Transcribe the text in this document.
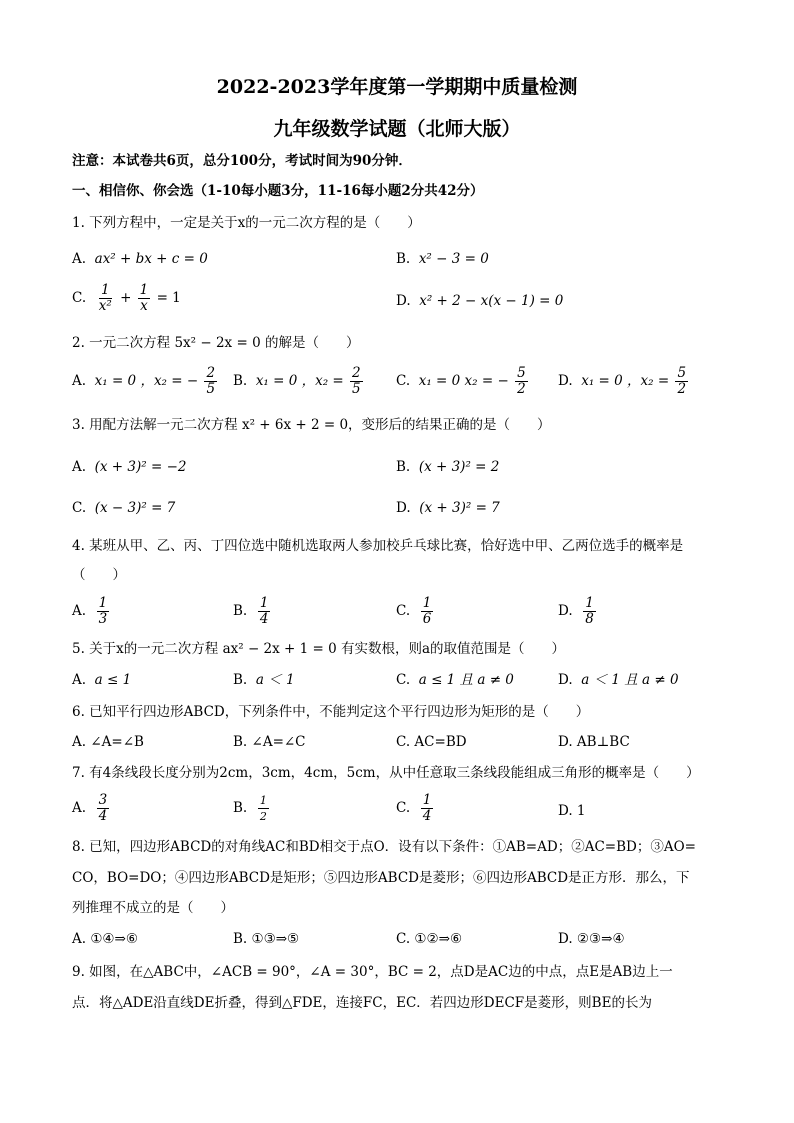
2022-2023学年度第一学期期中质量检测
九年级数学试题（北师大版）
注意：本试卷共6页，总分100分，考试时间为90分钟．
一、相信你、你会选（1-10每小题3分，11-16每小题2分共42分）
1. 下列方程中，一定是关于x的一元二次方程的是（　　）
A. ax² + bx + c = 0	B. x² − 3 = 0
C. $\frac{1}{\text{x²}} + \frac{1}{x} = 1$	D. x² + 2 − x(x − 1) = 0
2. 一元二次方程 5x² − 2x = 0 的解是（　　）
A. x₁ = 0 ，x₂ = − $\frac{2}{5} B$. x₁ = 0 ，$x_2 = \frac{2}{5} C$. x₁ = 0 x₂ = − $\frac{5}{2} D$. x₁ = 0 ，$x_2 = \frac{5}{2}$
3. 用配方法解一元二次方程 x² + 6x + 2 = 0，变形后的结果正确的是（　　）
A. (x + 3)² = −2	B. (x + 3)² = 2
C. (x − 3)² = 7	D. (x + 3)² = 7
4. 某班从甲、乙、丙、丁四位选中随机选取两人参加校乒乓球比赛，恰好选中甲、乙两位选手的概率是
（　　）
A. $\frac{1}{3}$	B. $\frac{1}{4}$	C. $\frac{1}{6}$	D. $\frac{1}{8}$
5. 关于x的一元二次方程 ax² − 2x + 1 = 0 有实数根，则a的取值范围是（　　）
A. a ≤ 1	B. a ＜ 1	C. a ≤ 1 且 a ≠ 0	D. a ＜ 1 且 a ≠ 0
6. 已知平行四边形ABCD，下列条件中，不能判定这个平行四边形为矩形的是（　　）
A. ∠A=∠B	B. ∠A=∠C	C. AC=BD	D. AB⊥BC
7. 有4条线段长度分别为2cm，3cm，4cm，5cm，从中任意取三条线段能组成三角形的概率是（　　）
A. $\frac{3}{4}$	B. $\frac{1}{2}$	C. $\frac{1}{4}$	D. 1
8. 已知，四边形ABCD的对角线AC和BD相交于点O．设有以下条件：①AB=AD；②AC=BD；③AO=
CO，BO=DO；④四边形ABCD是矩形；⑤四边形ABCD是菱形；⑥四边形ABCD是正方形．那么，下
列推理不成立的是（　　）
A. ①④⇒⑥	B. ①③⇒⑤	C. ①②⇒⑥	D. ②③⇒④
9. 如图，在△ABC中，∠ACB = 90°，∠A = 30°，BC = 2，点D是AC边的中点，点E是AB边上一
点．将△ADE沿直线DE折叠，得到△FDE，连接FC，EC．若四边形DECF是菱形，则BE的长为
